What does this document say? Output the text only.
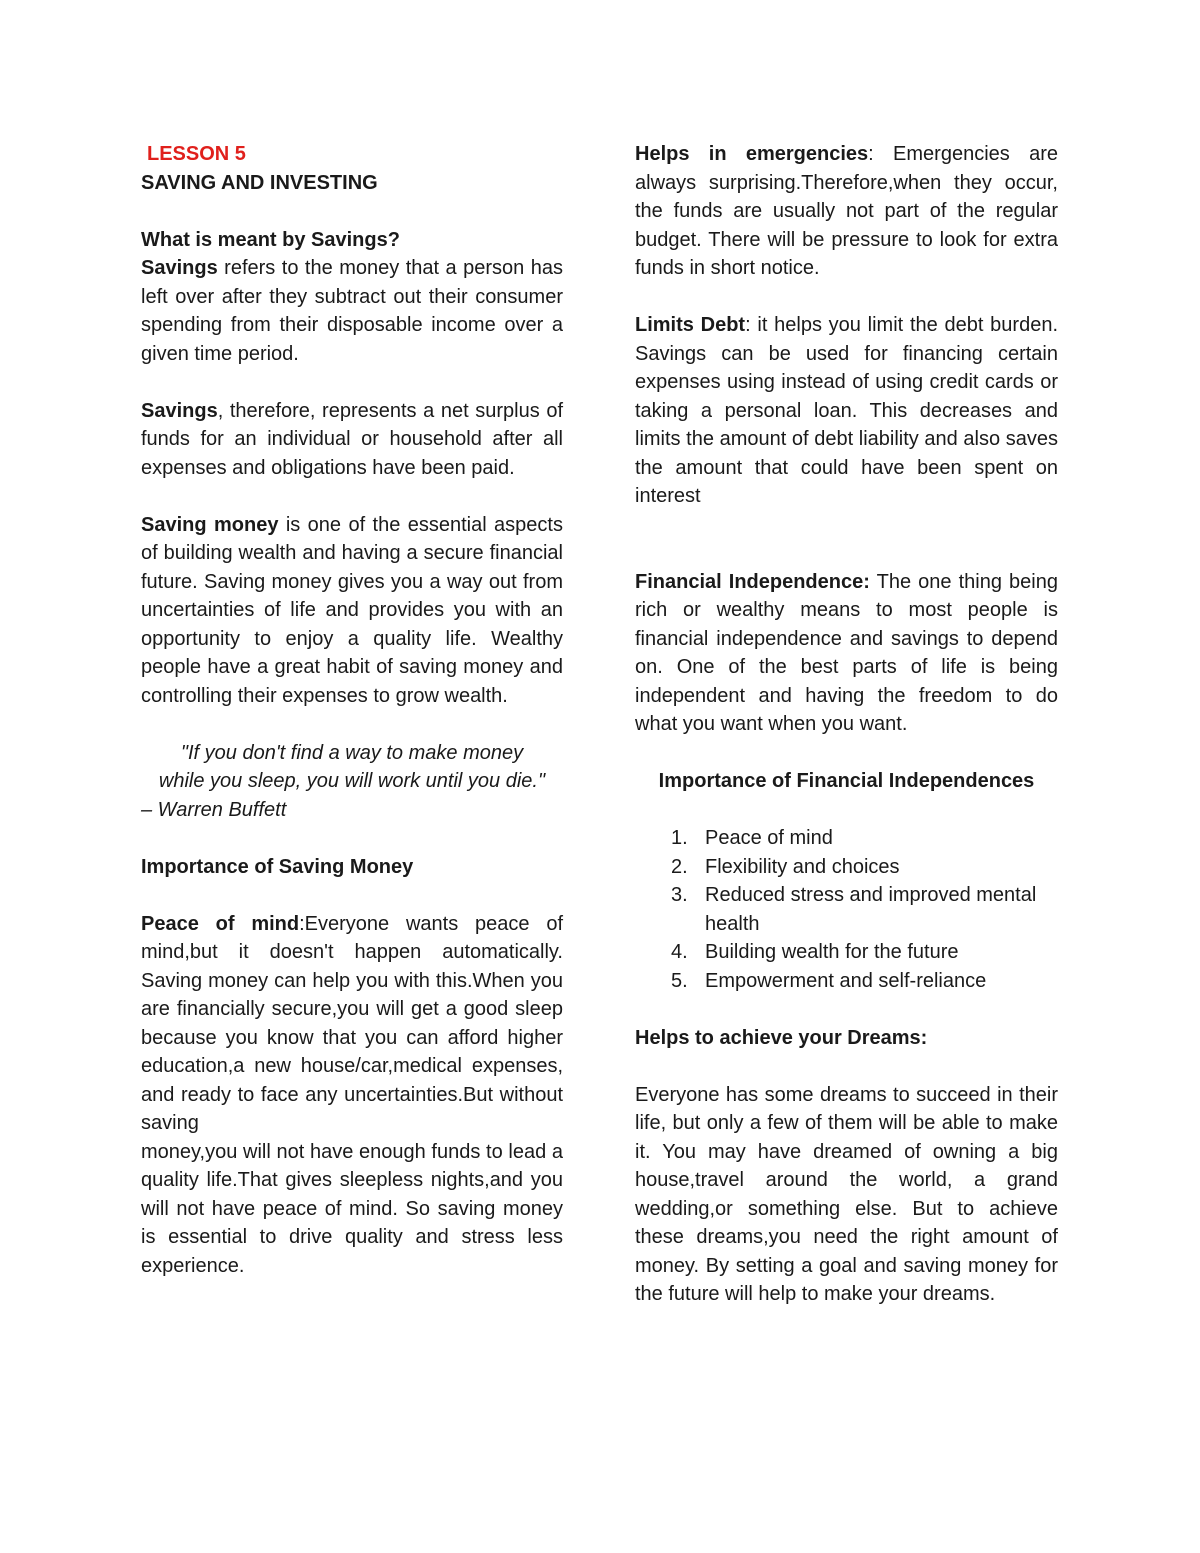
LESSON 5

SAVING AND INVESTING

What is meant by Savings?

Savings refers to the money that a person has left over after they subtract out their consumer spending from their disposable income over a given time period.

Savings, therefore, represents a net surplus of funds for an individual or household after all expenses and obligations have been paid.

Saving money is one of the essential aspects of building wealth and having a secure financial future. Saving money gives you a way out from uncertainties of life and provides you with an opportunity to enjoy a quality life. Wealthy people have a great habit of saving money and controlling their expenses to grow wealth.

"If you don't find a way to make money

while you sleep, you will work until you die."

– Warren Buffett

Importance of Saving Money

Peace of mind:Everyone wants peace of mind,but it doesn't happen automatically. Saving money can help you with this.When you are financially secure,you will get a good sleep because you know that you can afford higher education,a new house/car,medical expenses, and ready to face any uncertainties.But without saving

money,you will not have enough funds to lead a quality life.That gives sleepless nights,and you will not have peace of mind. So saving money is essential to drive quality and stress less experience.

Helps in emergencies: Emergencies are always surprising.Therefore,when they occur, the funds are usually not part of the regular budget. There will be pressure to look for extra funds in short notice.

Limits Debt: it helps you limit the debt burden. Savings can be used for financing certain expenses using instead of using credit cards or taking a personal loan. This decreases and limits the amount of debt liability and also saves the amount that could have been spent on interest

Financial Independence: The one thing being rich or wealthy means to most people is financial independence and savings to depend on. One of the best parts of life is being independent and having the freedom to do what you want when you want.

Importance of Financial Independences

1. Peace of mind
2. Flexibility and choices
3. Reduced stress and improved mental health
4. Building wealth for the future
5. Empowerment and self-reliance

Helps to achieve your Dreams:

Everyone has some dreams to succeed in their life, but only a few of them will be able to make it. You may have dreamed of owning a big house,travel around the world, a grand wedding,or something else. But to achieve these dreams,you need the right amount of money. By setting a goal and saving money for the future will help to make your dreams.
